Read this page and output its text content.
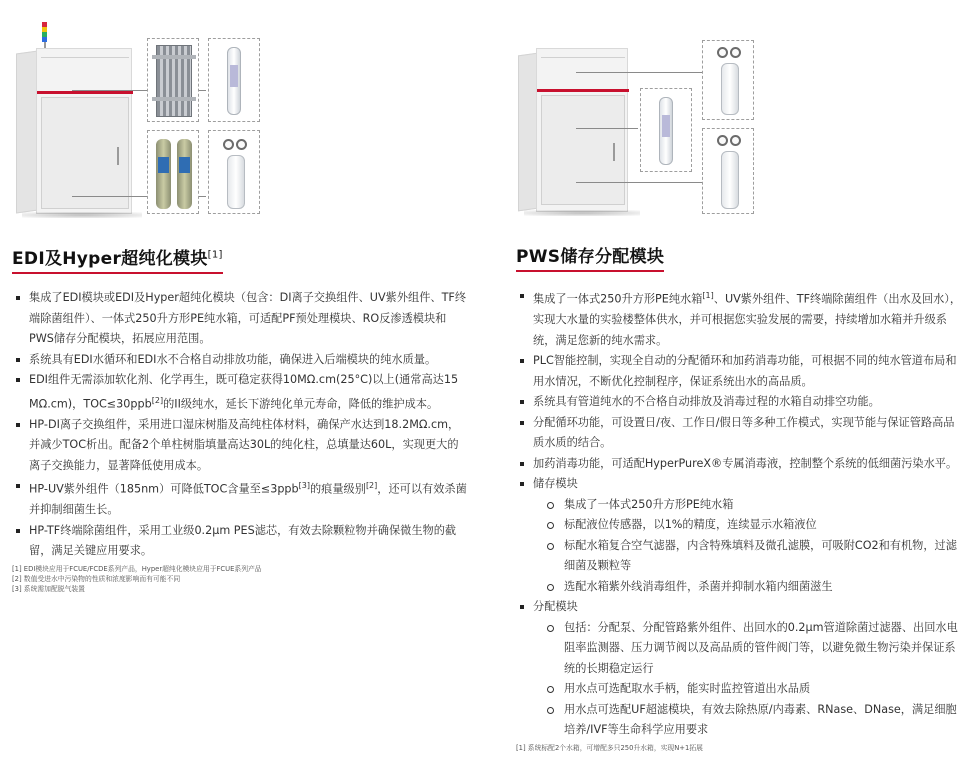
EDI及Hyper超纯化模块[1]
集成了EDI模块或EDI及Hyper超纯化模块（包含：DI离子交换组件、UV紫外组件、TF终端除菌组件）、一体式250升方形PE纯水箱，可适配PF预处理模块、RO反渗透模块和PWS储存分配模块，拓展应用范围。
系统具有EDI水循环和EDI水不合格自动排放功能，确保进入后端模块的纯水质量。
EDI组件无需添加软化剂、化学再生，既可稳定获得10MΩ.cm(25°C)以上(通常高达15 MΩ.cm)，TOC≤30ppb[2]的II级纯水，延长下游纯化单元寿命，降低的维护成本。
HP-DI离子交换组件，采用进口湿床树脂及高纯柱体材料，确保产水达到18.2MΩ.cm，并减少TOC析出。配备2个单柱树脂填量高达30L的纯化柱，总填量达60L，实现更大的离子交换能力，显著降低使用成本。
HP-UV紫外组件（185nm）可降低TOC含量至≤3ppb[3]的痕量级别[2]，还可以有效杀菌并抑制细菌生长。
HP-TF终端除菌组件，采用工业级0.2μm PES滤芯，有效去除颗粒物并确保微生物的截留，满足关键应用要求。
[1] EDI模块应用于FCUE/FCDE系列产品，Hyper超纯化模块应用于FCUE系列产品
[2] 数值受进水中污染物的性质和浓度影响而有可能不同
[3] 系统需加配脱气装置
PWS储存分配模块
集成了一体式250升方形PE纯水箱[1]、UV紫外组件、TF终端除菌组件（出水及回水），实现大水量的实验楼整体供水，并可根据您实验发展的需要，持续增加水箱并升级系统，满足您新的纯水需求。
PLC智能控制，实现全自动的分配循环和加药消毒功能，可根据不同的纯水管道布局和用水情况，不断优化控制程序，保证系统出水的高品质。
系统具有管道纯水的不合格自动排放及消毒过程的水箱自动排空功能。
分配循环功能，可设置日/夜、工作日/假日等多种工作模式，实现节能与保证管路高品质水质的结合。
加药消毒功能，可适配HyperPureX®专属消毒液，控制整个系统的低细菌污染水平。
储存模块
集成了一体式250升方形PE纯水箱
标配液位传感器，以1%的精度，连续显示水箱液位
标配水箱复合空气滤器，内含特殊填料及微孔滤膜，可吸附CO2和有机物，过滤细菌及颗粒等
选配水箱紫外线消毒组件，杀菌并抑制水箱内细菌滋生
分配模块
包括：分配泵、分配管路紫外组件、出回水的0.2μm管道除菌过滤器、出回水电阻率监测器、压力调节阀以及高品质的管件阀门等，以避免微生物污染并保证系统的长期稳定运行
用水点可选配取水手柄，能实时监控管道出水品质
用水点可选配UF超滤模块，有效去除热原/内毒素、RNase、DNase，满足细胞培养/IVF等生命科学应用要求
[1] 系统标配2个水箱，可增配多只250升水箱，实现N+1拓展
